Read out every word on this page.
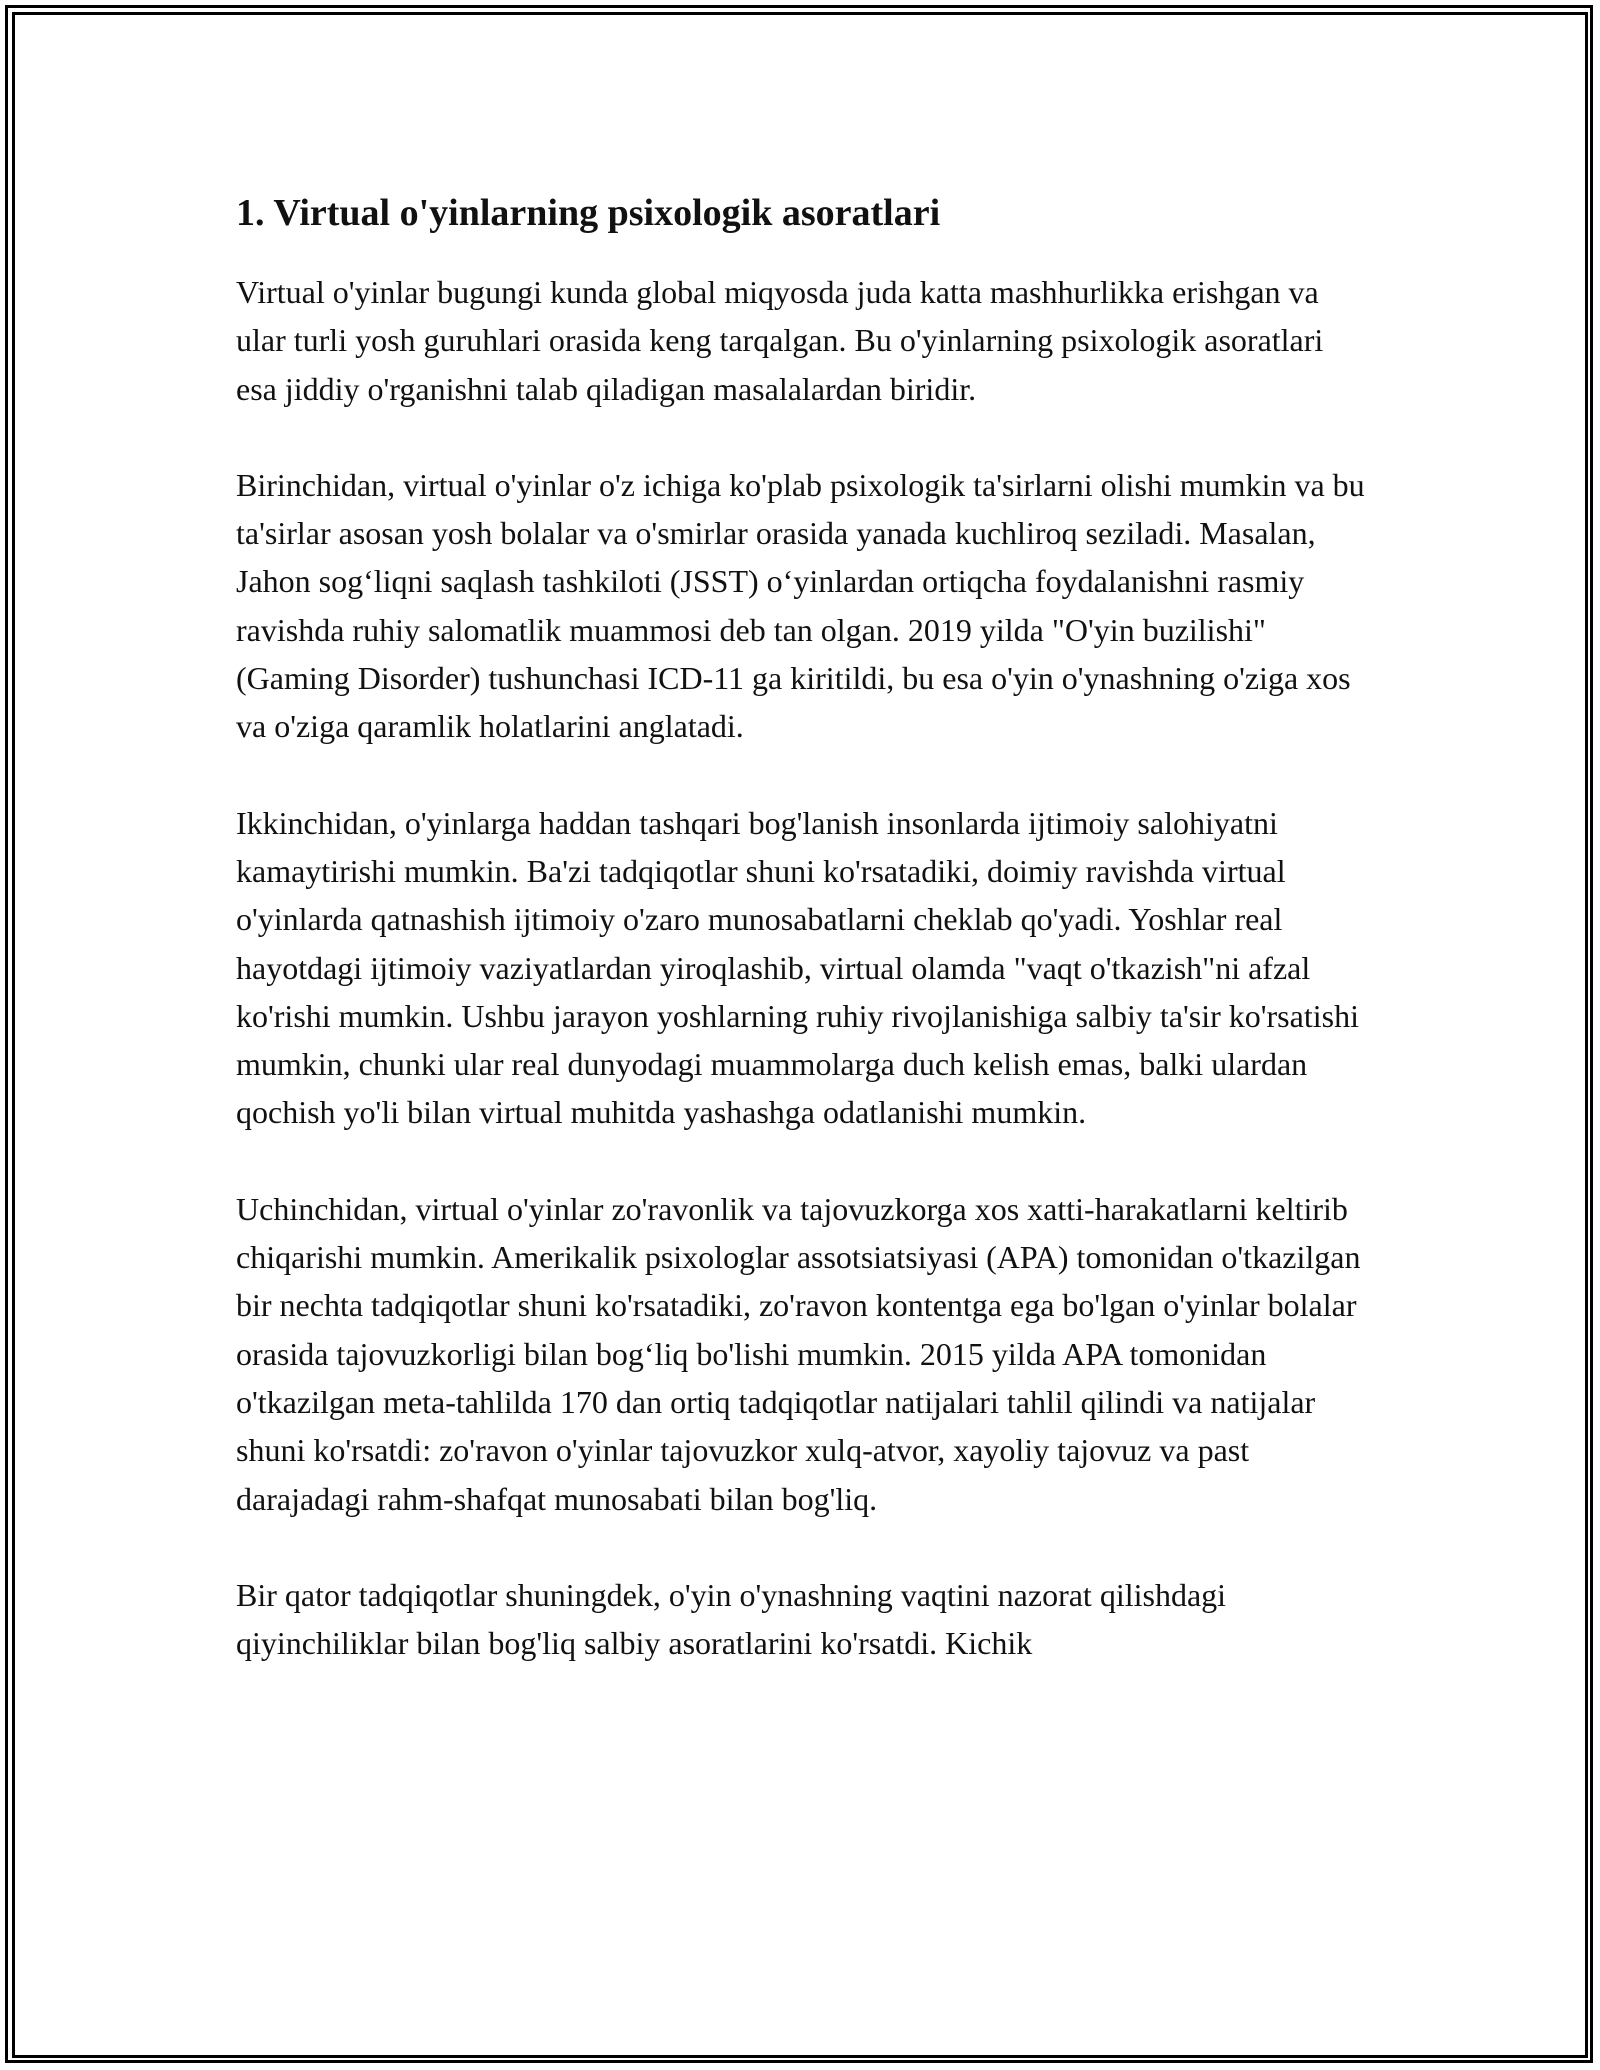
1. Virtual o'yinlarning psixologik asoratlari

Virtual o'yinlar bugungi kunda global miqyosda juda katta mashhurlikka erishgan va ular turli yosh guruhlari orasida keng tarqalgan. Bu o'yinlarning psixologik asoratlari esa jiddiy o'rganishni talab qiladigan masalalardan biridir.

Birinchidan, virtual o'yinlar o'z ichiga ko'plab psixologik ta'sirlarni olishi mumkin va bu ta'sirlar asosan yosh bolalar va o'smirlar orasida yanada kuchliroq seziladi. Masalan, Jahon sog‘liqni saqlash tashkiloti (JSST) o‘yinlardan ortiqcha foydalanishni rasmiy ravishda ruhiy salomatlik muammosi deb tan olgan. 2019 yilda "O'yin buzilishi" (Gaming Disorder) tushunchasi ICD-11 ga kiritildi, bu esa o'yin o'ynashning o'ziga xos va o'ziga qaramlik holatlarini anglatadi.

Ikkinchidan, o'yinlarga haddan tashqari bog'lanish insonlarda ijtimoiy salohiyatni kamaytirishi mumkin. Ba'zi tadqiqotlar shuni ko'rsatadiki, doimiy ravishda virtual o'yinlarda qatnashish ijtimoiy o'zaro munosabatlarni cheklab qo'yadi. Yoshlar real hayotdagi ijtimoiy vaziyatlardan yiroqlashib, virtual olamda "vaqt o'tkazish"ni afzal ko'rishi mumkin. Ushbu jarayon yoshlarning ruhiy rivojlanishiga salbiy ta'sir ko'rsatishi mumkin, chunki ular real dunyodagi muammolarga duch kelish emas, balki ulardan qochish yo'li bilan virtual muhitda yashashga odatlanishi mumkin.

Uchinchidan, virtual o'yinlar zo'ravonlik va tajovuzkorga xos xatti-harakatlarni keltirib chiqarishi mumkin. Amerikalik psixologlar assotsiatsiyasi (APA) tomonidan o'tkazilgan bir nechta tadqiqotlar shuni ko'rsatadiki, zo'ravon kontentga ega bo'lgan o'yinlar bolalar orasida tajovuzkorligi bilan bog‘liq bo'lishi mumkin. 2015 yilda APA tomonidan o'tkazilgan meta-tahlilda 170 dan ortiq tadqiqotlar natijalari tahlil qilindi va natijalar shuni ko'rsatdi: zo'ravon o'yinlar tajovuzkor xulq-atvor, xayoliy tajovuz va past darajadagi rahm-shafqat munosabati bilan bog'liq.

Bir qator tadqiqotlar shuningdek, o'yin o'ynashning vaqtini nazorat qilishdagi qiyinchiliklar bilan bog'liq salbiy asoratlarini ko'rsatdi. Kichik
